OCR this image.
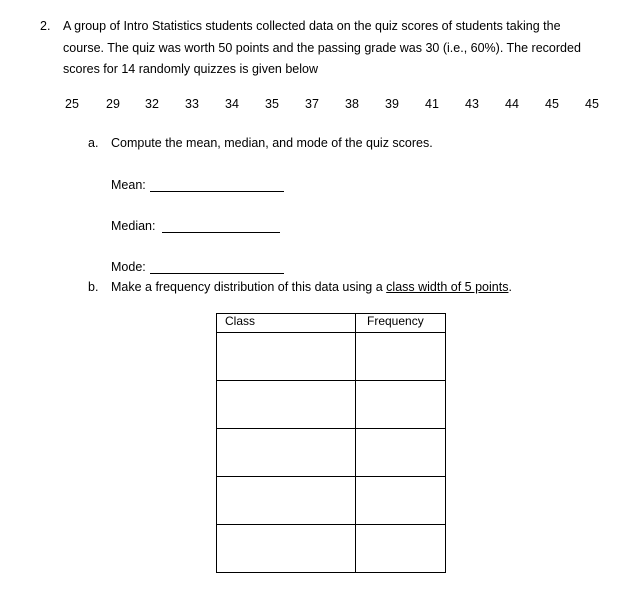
2. A group of Intro Statistics students collected data on the quiz scores of students taking the
course. The quiz was worth 50 points and the passing grade was 30 (i.e., 60%). The recorded
scores for 14 randomly quizzes is given below
25 29 32 33 34 35 37 38 39 41 43 44 45 45
a. Compute the mean, median, and mode of the quiz scores.
Mean:
Median:
Mode:
b. Make a frequency distribution of this data using a class width of 5 points.
Class	Frequency
